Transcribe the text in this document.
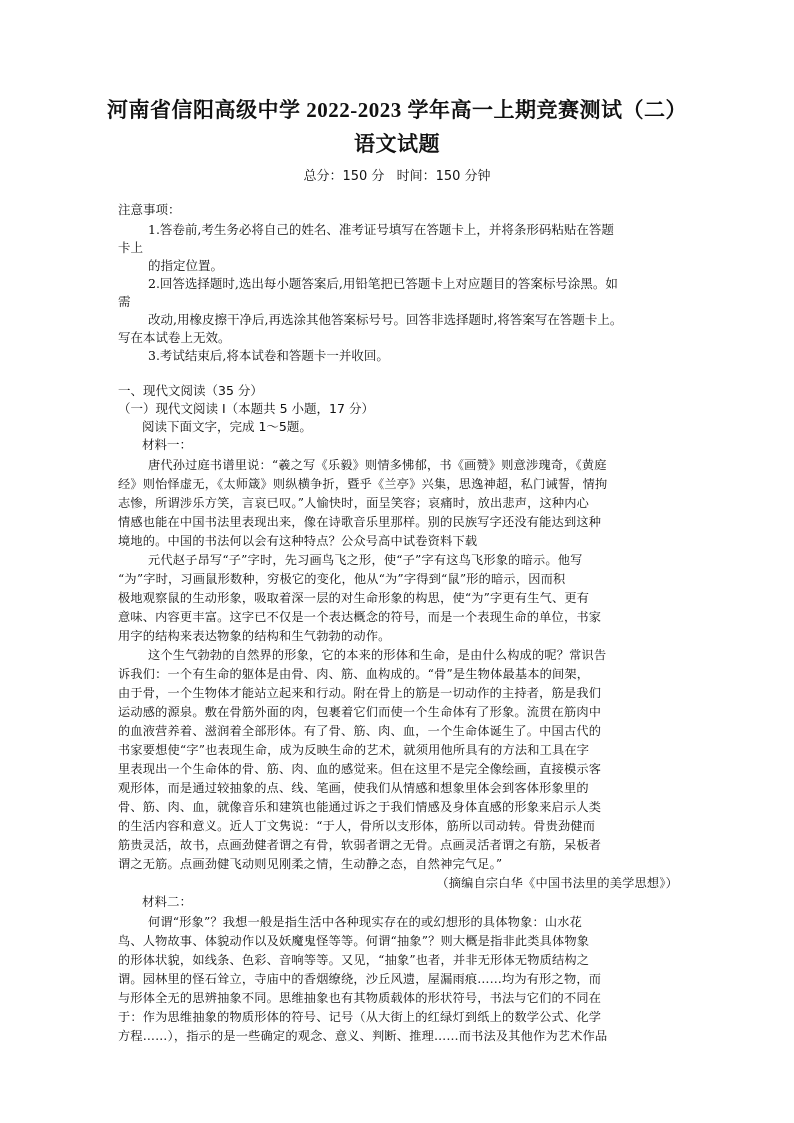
河南省信阳高级中学 2022-2023 学年高一上期竞赛测试（二）
语文试题
总分：150 分 时间：150 分钟
注意事项：
1.答卷前,考生务必将自己的姓名、准考证号填写在答题卡上，并将条形码粘贴在答题
卡上
的指定位置。
2.回答选择题时,选出每小题答案后,用铅笔把已答题卡上对应题目的答案标号涂黑。如
需
改动,用橡皮擦干净后,再选涂其他答案标号号。回答非选择题时,将答案写在答题卡上。
写在本试卷上无效。
3.考试结束后,将本试卷和答题卡一并收回。
一、现代文阅读（35 分）
（一）现代文阅读 I（本题共 5 小题，17 分）
阅读下面文字，完成 1～5题。
材料一：
唐代孙过庭书谱里说：“羲之写《乐毅》则情多怫郁，书《画赞》则意涉瑰奇，《黄庭
经》则怡怿虚无，《太师箴》则纵横争折，暨乎《兰亭》兴集，思逸神超，私门诫誓，情拘
志惨，所谓涉乐方笑，言哀已叹。”人愉快时，面呈笑容；哀痛时，放出悲声，这种内心
情感也能在中国书法里表现出来，像在诗歌音乐里那样。别的民族写字还没有能达到这种
境地的。中国的书法何以会有这种特点？公众号高中试卷资料下载
元代赵子昂写“子”字时，先习画鸟飞之形，使“子”字有这鸟飞形象的暗示。他写
“为”字时，习画鼠形数种，穷极它的变化，他从“为”字得到“鼠”形的暗示，因而积
极地观察鼠的生动形象，吸取着深一层的对生命形象的构思，使“为”字更有生气、更有
意味、内容更丰富。这字已不仅是一个表达概念的符号，而是一个表现生命的单位，书家
用字的结构来表达物象的结构和生气勃勃的动作。
这个生气勃勃的自然界的形象，它的本来的形体和生命，是由什么构成的呢？常识告
诉我们：一个有生命的躯体是由骨、肉、筋、血构成的。“骨”是生物体最基本的间架，
由于骨，一个生物体才能站立起来和行动。附在骨上的筋是一切动作的主持者，筋是我们
运动感的源泉。敷在骨筋外面的肉，包裹着它们而使一个生命体有了形象。流贯在筋肉中
的血液营养着、滋润着全部形体。有了骨、筋、肉、血，一个生命体诞生了。中国古代的
书家要想使“字”也表现生命，成为反映生命的艺术，就须用他所具有的方法和工具在字
里表现出一个生命体的骨、筋、肉、血的感觉来。但在这里不是完全像绘画，直接模示客
观形体，而是通过较抽象的点、线、笔画，使我们从情感和想象里体会到客体形象里的
骨、筋、肉、血，就像音乐和建筑也能通过诉之于我们情感及身体直感的形象来启示人类
的生活内容和意义。近人丁文隽说：“于人，骨所以支形体，筋所以司动转。骨贵劲健而
筋贵灵活，故书，点画劲健者谓之有骨，软弱者谓之无骨。点画灵活者谓之有筋，呆板者
谓之无筋。点画劲健飞动则见刚柔之情，生动静之态，自然神完气足。”
（摘编自宗白华《中国书法里的美学思想》）
材料二：
何谓“形象”？我想一般是指生活中各种现实存在的或幻想形的具体物象：山水花
鸟、人物故事、体貌动作以及妖魔鬼怪等等。何谓“抽象”？则大概是指非此类具体物象
的形体状貌，如线条、色彩、音响等等。又见，“抽象”也者，并非无形体无物质结构之
谓。园林里的怪石耸立，寺庙中的香烟缭绕，沙丘风遗，屋漏雨痕……均为有形之物，而
与形体全无的思辨抽象不同。思维抽象也有其物质载体的形状符号，书法与它们的不同在
于：作为思维抽象的物质形体的符号、记号（从大街上的红绿灯到纸上的数学公式、化学
方程……），指示的是一些确定的观念、意义、判断、推理……而书法及其他作为艺术作品
